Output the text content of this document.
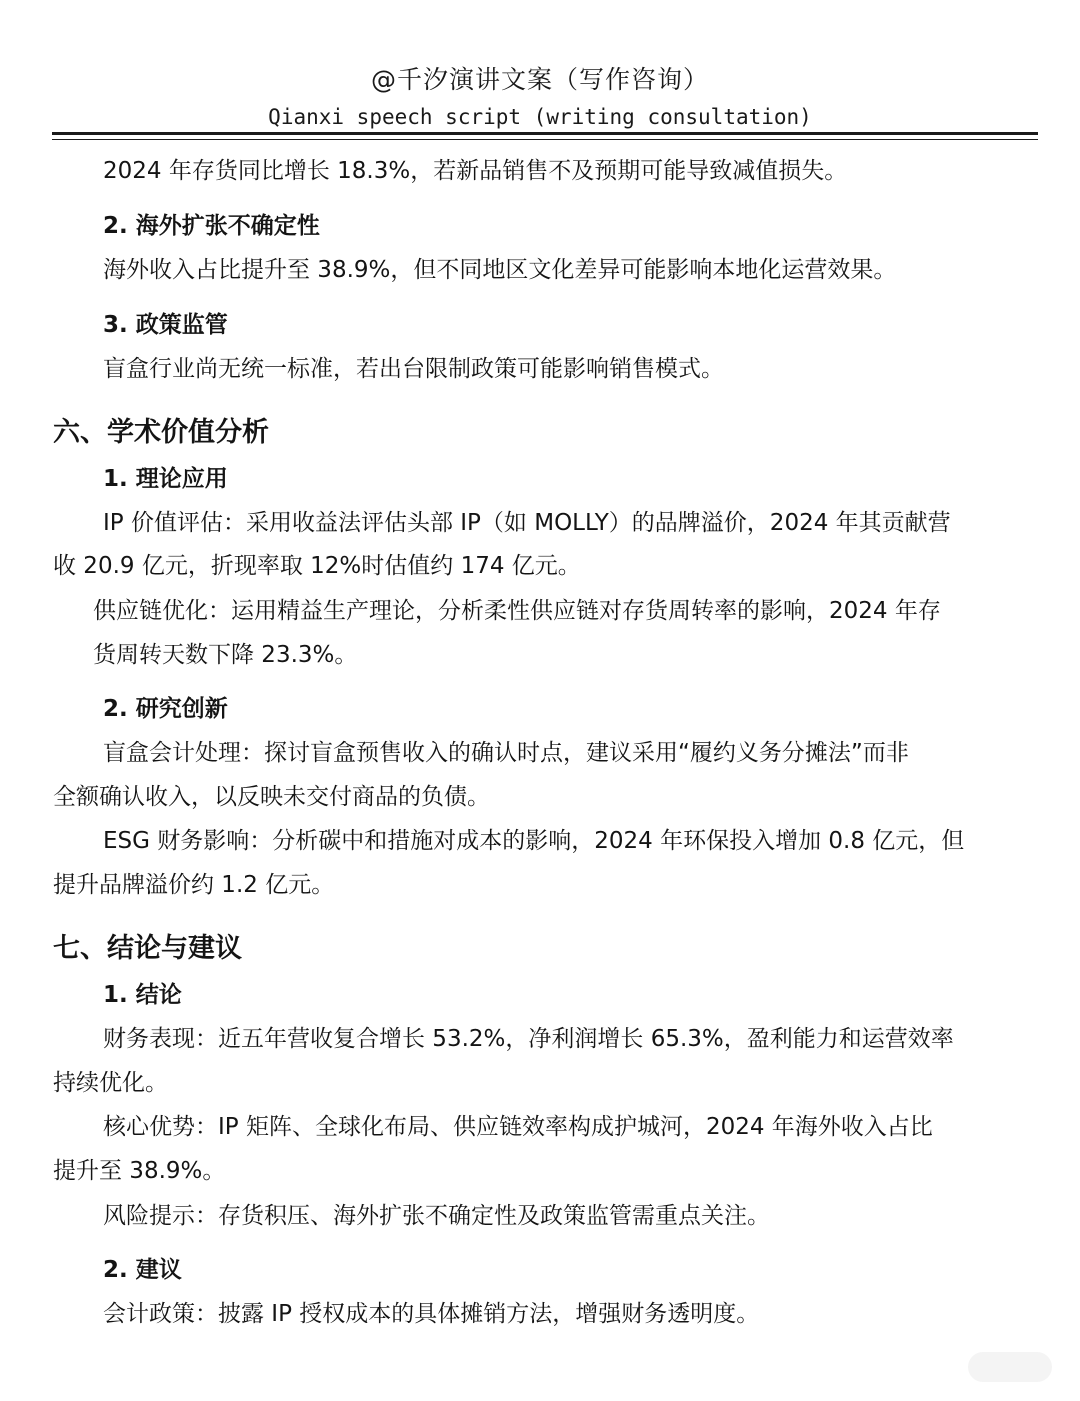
@千汐演讲文案（写作咨询）
Qianxi speech script (writing consultation)
2024 年存货同比增长 18.3%，若新品销售不及预期可能导致减值损失。
2. 海外扩张不确定性
海外收入占比提升至 38.9%，但不同地区文化差异可能影响本地化运营效果。
3. 政策监管
盲盒行业尚无统一标准，若出台限制政策可能影响销售模式。
六、学术价值分析
1. 理论应用
IP 价值评估：采用收益法评估头部 IP（如 MOLLY）的品牌溢价，2024 年其贡献营
收 20.9 亿元，折现率取 12%时估值约 174 亿元。
供应链优化：运用精益生产理论，分析柔性供应链对存货周转率的影响，2024 年存
货周转天数下降 23.3%。
2. 研究创新
盲盒会计处理：探讨盲盒预售收入的确认时点，建议采用“履约义务分摊法”而非
全额确认收入，以反映未交付商品的负债。
ESG 财务影响：分析碳中和措施对成本的影响，2024 年环保投入增加 0.8 亿元，但
提升品牌溢价约 1.2 亿元。
七、结论与建议
1. 结论
财务表现：近五年营收复合增长 53.2%，净利润增长 65.3%，盈利能力和运营效率
持续优化。
核心优势：IP 矩阵、全球化布局、供应链效率构成护城河，2024 年海外收入占比
提升至 38.9%。
风险提示：存货积压、海外扩张不确定性及政策监管需重点关注。
2. 建议
会计政策：披露 IP 授权成本的具体摊销方法，增强财务透明度。
